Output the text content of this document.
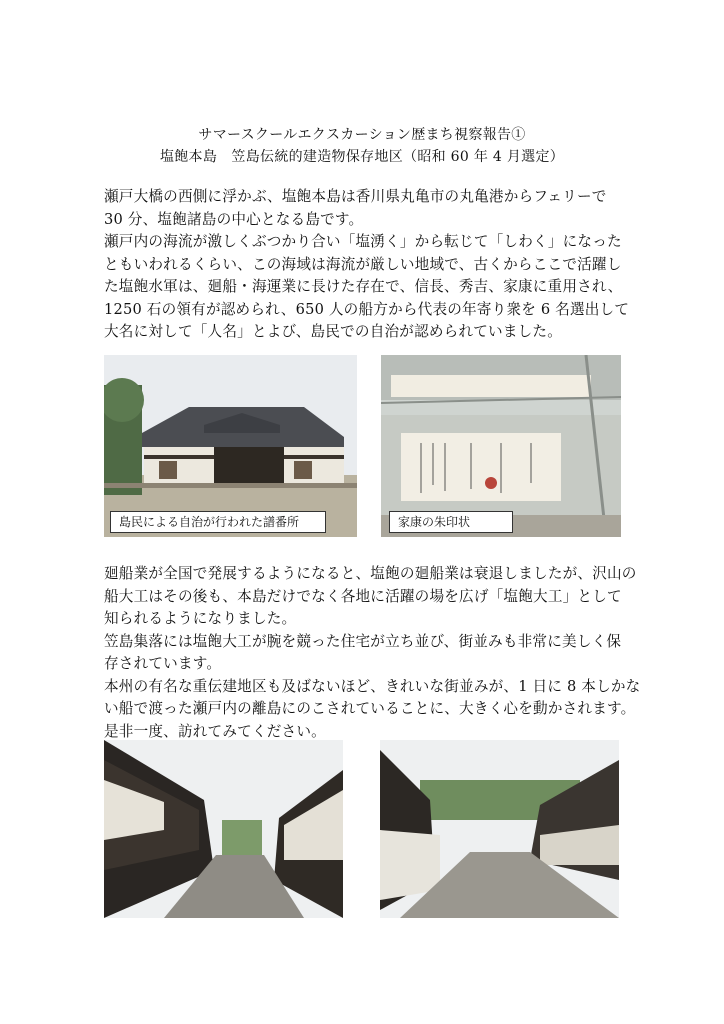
サマースクールエクスカーション歴まち視察報告①
塩飽本島　笠島伝統的建造物保存地区（昭和 60 年 4 月選定）
瀬戸大橋の西側に浮かぶ、塩飽本島は香川県丸亀市の丸亀港からフェリーで
30 分、塩飽諸島の中心となる島です。
瀬戸内の海流が激しくぶつかり合い「塩湧く」から転じて「しわく」になった
ともいわれるくらい、この海域は海流が厳しい地域で、古くからここで活躍し
た塩飽水軍は、廻船・海運業に長けた存在で、信長、秀吉、家康に重用され、
1250 石の領有が認められ、650 人の船方から代表の年寄り衆を 6 名選出して
大名に対して「人名」とよび、島民での自治が認められていました。
島民による自治が行われた譜番所	家康の朱印状
廻船業が全国で発展するようになると、塩飽の廻船業は衰退しましたが、沢山の
船大工はその後も、本島だけでなく各地に活躍の場を広げ「塩飽大工」として
知られるようになりました。
笠島集落には塩飽大工が腕を競った住宅が立ち並び、街並みも非常に美しく保
存されています。
本州の有名な重伝建地区も及ばないほど、きれいな街並みが、1 日に 8 本しかな
い船で渡った瀬戸内の離島にのこされていることに、大きく心を動かされます。
是非一度、訪れてみてください。
